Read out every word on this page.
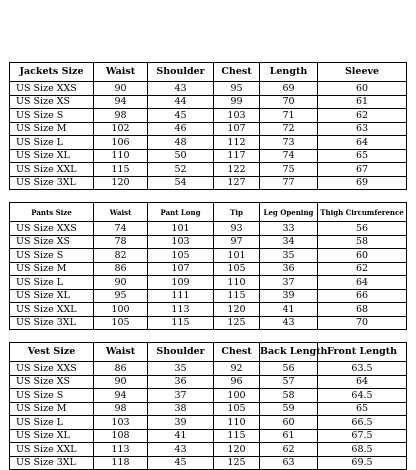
Jackets Size	Waist	Shoulder	Chest	Length	Sleeve
US Size XXS	90	43	95	69	60
US Size XS	94	44	99	70	61
US Size S	98	45	103	71	62
US Size M	102	46	107	72	63
US Size L	106	48	112	73	64
US Size XL	110	50	117	74	65
US Size XXL	115	52	122	75	67
US Size 3XL	120	54	127	77	69
Pants Size	Waist	Pant Long	Tip	Leg Opening	Thigh Circumference
US Size XXS	74	101	93	33	56
US Size XS	78	103	97	34	58
US Size S	82	105	101	35	60
US Size M	86	107	105	36	62
US Size L	90	109	110	37	64
US Size XL	95	111	115	39	66
US Size XXL	100	113	120	41	68
US Size 3XL	105	115	125	43	70
Vest Size	Waist	Shoulder	Chest	Back Length	Front Length
US Size XXS	86	35	92	56	63.5
US Size XS	90	36	96	57	64
US Size S	94	37	100	58	64.5
US Size M	98	38	105	59	65
US Size L	103	39	110	60	66.5
US Size XL	108	41	115	61	67.5
US Size XXL	113	43	120	62	68.5
US Size 3XL	118	45	125	63	69.5
